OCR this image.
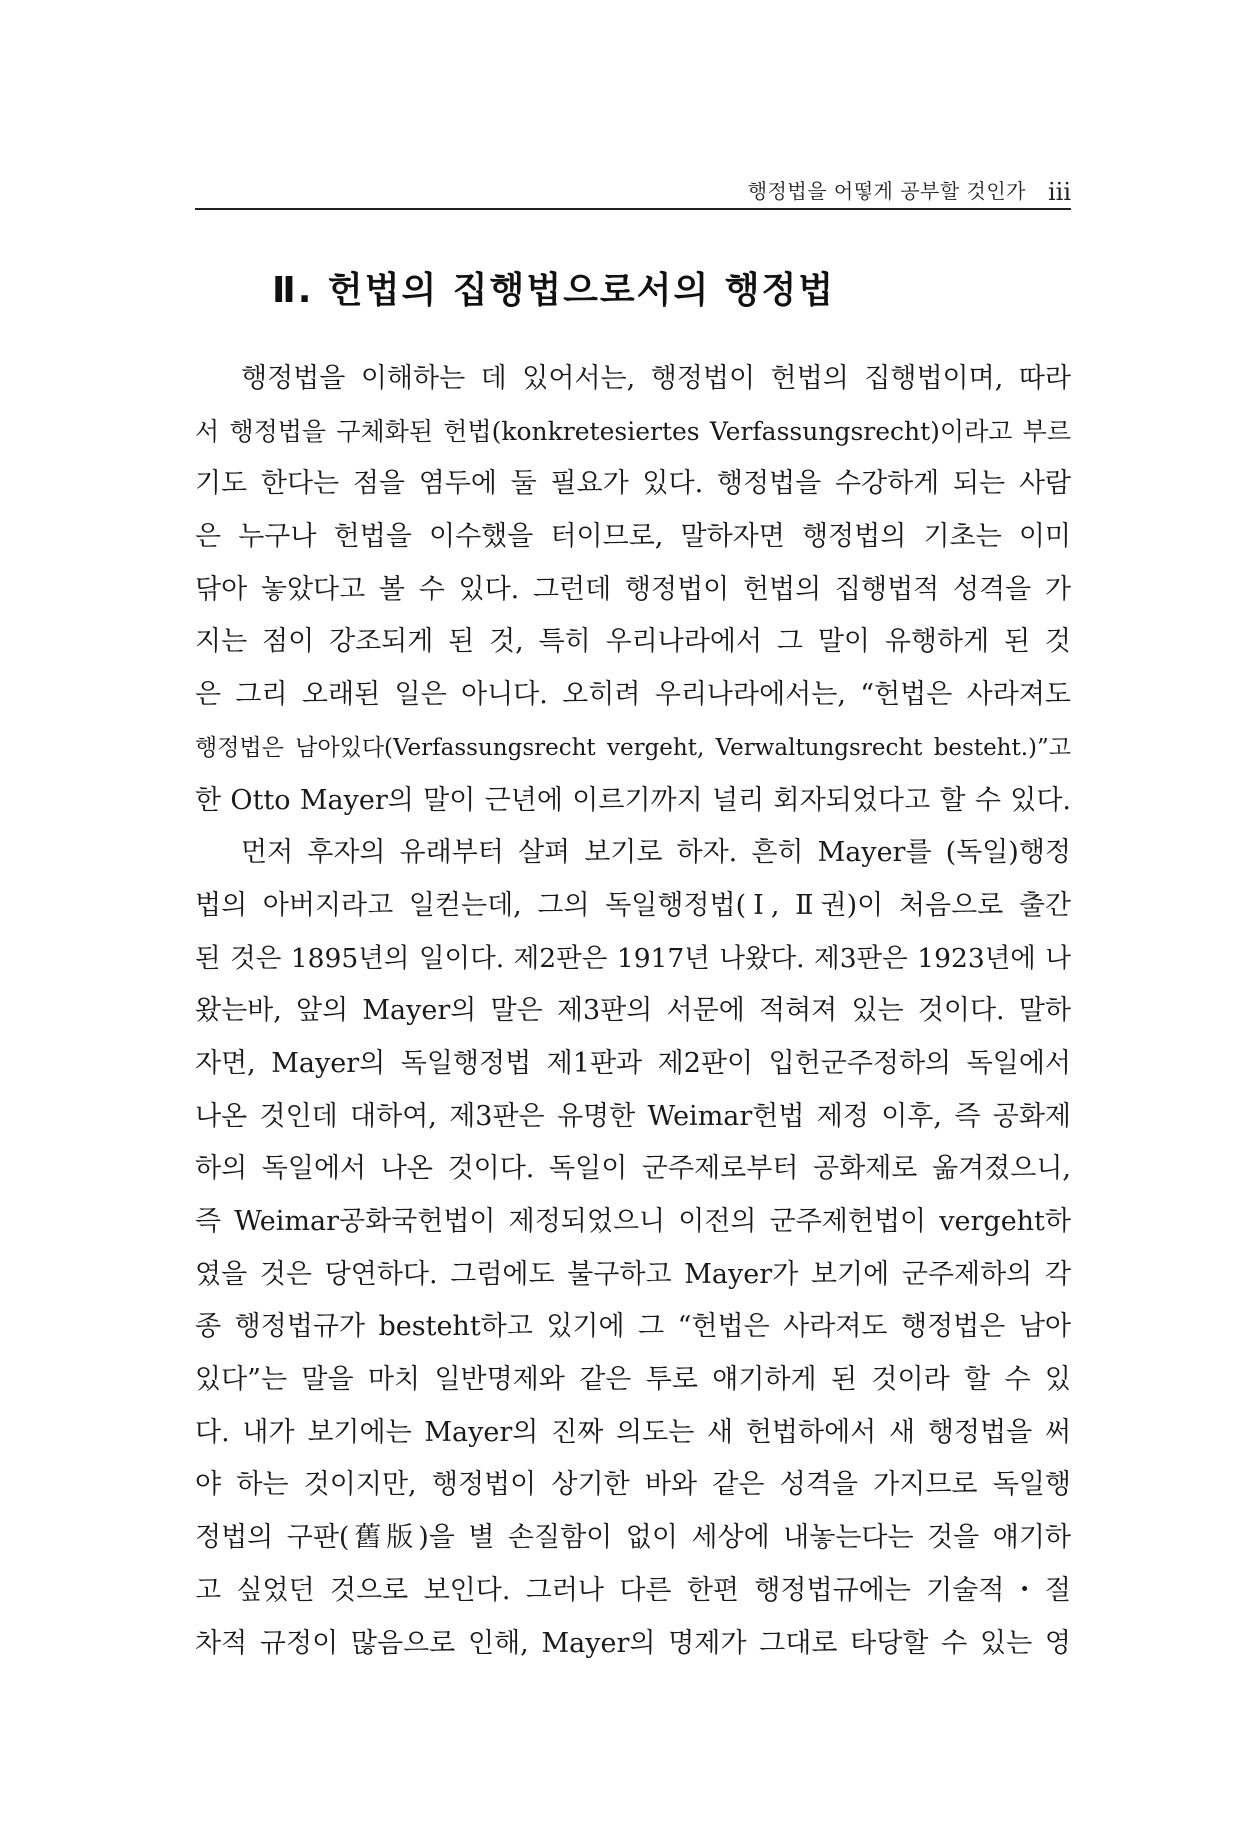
행정법을 어떻게 공부할 것인가 iii
Ⅱ. 헌법의 집행법으로서의 행정법
행정법을 이해하는 데 있어서는, 행정법이 헌법의 집행법이며, 따라
서 행정법을 구체화된 헌법(konkretesiertes Verfassungsrecht)이라고 부르
기도 한다는 점을 염두에 둘 필요가 있다. 행정법을 수강하게 되는 사람
은 누구나 헌법을 이수했을 터이므로, 말하자면 행정법의 기초는 이미
닦아 놓았다고 볼 수 있다. 그런데 행정법이 헌법의 집행법적 성격을 가
지는 점이 강조되게 된 것, 특히 우리나라에서 그 말이 유행하게 된 것
은 그리 오래된 일은 아니다. 오히려 우리나라에서는, “헌법은 사라져도
행정법은 남아있다(Verfassungsrecht vergeht, Verwaltungsrecht besteht.)”고
한 Otto Mayer의 말이 근년에 이르기까지 널리 회자되었다고 할 수 있다.
먼저 후자의 유래부터 살펴 보기로 하자. 흔히 Mayer를 (독일)행정
법의 아버지라고 일컫는데, 그의 독일행정법(Ⅰ, Ⅱ권)이 처음으로 출간
된 것은 1895년의 일이다. 제2판은 1917년 나왔다. 제3판은 1923년에 나
왔는바, 앞의 Mayer의 말은 제3판의 서문에 적혀져 있는 것이다. 말하
자면, Mayer의 독일행정법 제1판과 제2판이 입헌군주정하의 독일에서
나온 것인데 대하여, 제3판은 유명한 Weimar헌법 제정 이후, 즉 공화제
하의 독일에서 나온 것이다. 독일이 군주제로부터 공화제로 옮겨졌으니,
즉 Weimar공화국헌법이 제정되었으니 이전의 군주제헌법이 vergeht하
였을 것은 당연하다. 그럼에도 불구하고 Mayer가 보기에 군주제하의 각
종 행정법규가 besteht하고 있기에 그 “헌법은 사라져도 행정법은 남아
있다”는 말을 마치 일반명제와 같은 투로 얘기하게 된 것이라 할 수 있
다. 내가 보기에는 Mayer의 진짜 의도는 새 헌법하에서 새 행정법을 써
야 하는 것이지만, 행정법이 상기한 바와 같은 성격을 가지므로 독일행
정법의 구판(舊版)을 별 손질함이 없이 세상에 내놓는다는 것을 얘기하
고 싶었던 것으로 보인다. 그러나 다른 한편 행정법규에는 기술적・절
차적 규정이 많음으로 인해, Mayer의 명제가 그대로 타당할 수 있는 영
